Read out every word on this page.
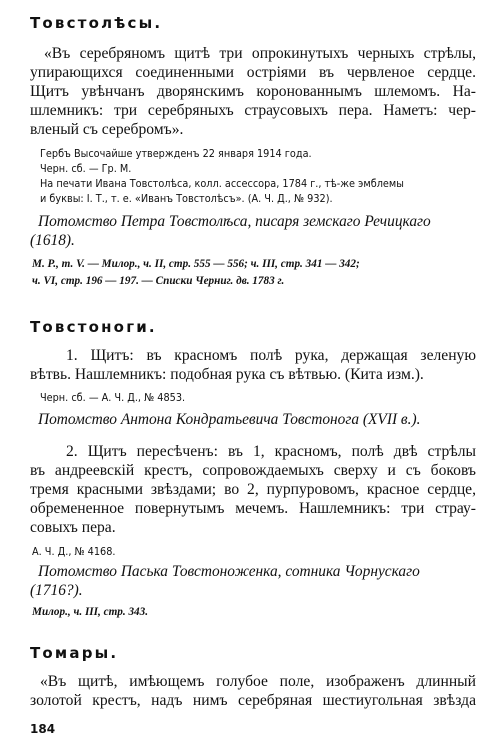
Товстолѣсы.
«Въ серебряномъ щитѣ три опрокинутыхъ черныхъ стрѣлы,
упирающихся соединенными остріями въ червленое сердце.
Щитъ увѣнчанъ дворянскимъ коронованнымъ шлемомъ. На-
шлемникъ: три серебряныхъ страусовыхъ пера. Наметъ: чер-
вленый съ серебромъ».
Гербъ Высочайше утвержденъ 22 января 1914 года.
Черн. сб. — Гр. М.
На печати Ивана Товстолѣса, колл. ассессора, 1784 г., тѣ-же эмблемы
и буквы: І. Т., т. е. «Иванъ Товстолѣсъ». (А. Ч. Д., № 932).
Потомство Петра Товстолѣса, писаря земскаго Речицкаго
(1618).
М. Р., т. V. — Милор., ч. II, стр. 555 — 556; ч. III, стр. 341 — 342;
ч. VI, стр. 196 — 197. — Списки Черниг. дв. 1783 г.
Товстоноги.
1. Щитъ: въ красномъ полѣ рука, держащая зеленую
вѣтвь. Нашлемникъ: подобная рука съ вѣтвью. (Кита изм.).
Черн. сб. — А. Ч. Д., № 4853.
Потомство Антона Кондратьевича Товстонога (XVII в.).
2. Щитъ пересѣченъ: въ 1, красномъ, полѣ двѣ стрѣлы
въ андреевскій крестъ, сопровождаемыхъ сверху и съ боковъ
тремя красными звѣздами; во 2, пурпуровомъ, красное сердце,
обремененное повернутымъ мечемъ. Нашлемникъ: три страу-
совыхъ пера.
А. Ч. Д., № 4168.
Потомство Паська Товстоноженка, сотника Чорнускаго
(1716?).
Милор., ч. III, стр. 343.
Томары.
«Въ щитѣ, имѣющемъ голубое поле, изображенъ длинный
золотой крестъ, надъ нимъ серебряная шестиугольная звѣзда
184
